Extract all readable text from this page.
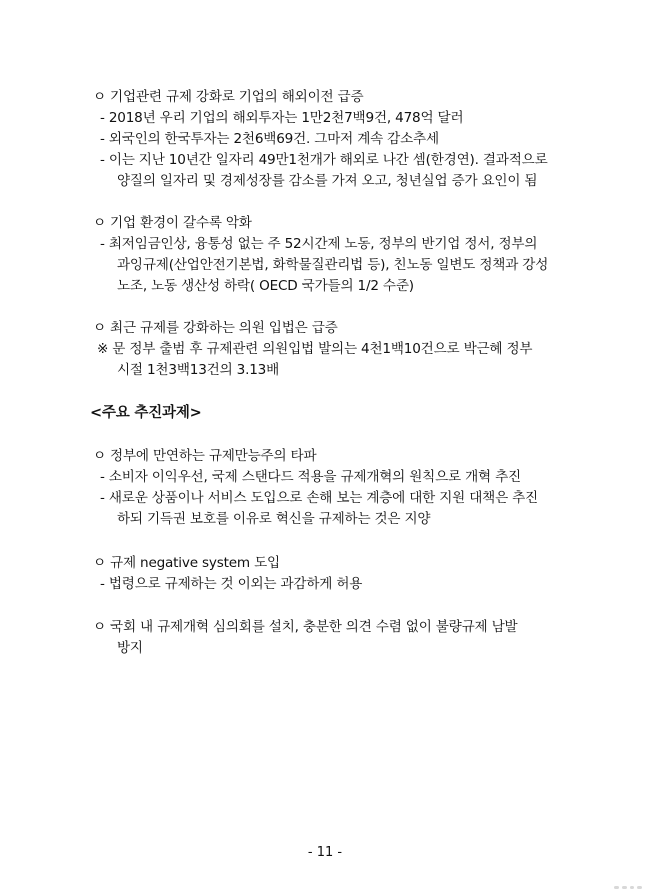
ㅇ 기업관련 규제 강화로 기업의 해외이전 급증
- 2018년 우리 기업의 해외투자는 1만2천7백9건, 478억 달러
- 외국인의 한국투자는 2천6백69건. 그마저 계속 감소추세
- 이는 지난 10년간 일자리 49만1천개가 해외로 나간 셈(한경연). 결과적으로
양질의 일자리 및 경제성장를 감소를 가져 오고, 청년실업 증가 요인이 됨
ㅇ 기업 환경이 갈수록 악화
- 최저임금인상, 융통성 없는 주 52시간제 노동, 정부의 반기업 정서, 정부의
과잉규제(산업안전기본법, 화학물질관리법 등), 친노동 일변도 정책과 강성
노조, 노동 생산성 하락( OECD 국가들의 1/2 수준)
ㅇ 최근 규제를 강화하는 의원 입법은 급증
※ 문 정부 출범 후 규제관련 의원입법 발의는 4천1백10건으로 박근혜 정부
시절 1천3백13건의 3.13배
<주요 추진과제>
ㅇ 정부에 만연하는 규제만능주의 타파
- 소비자 이익우선, 국제 스탠다드 적용을 규제개혁의 원칙으로 개혁 추진
- 새로운 상품이나 서비스 도입으로 손해 보는 계층에 대한 지원 대책은 추진
하되 기득권 보호를 이유로 혁신을 규제하는 것은 지양
ㅇ 규제 negative system 도입
- 법령으로 규제하는 것 이외는 과감하게 허용
ㅇ 국회 내 규제개혁 심의회를 설치, 충분한 의견 수렴 없이 불량규제 남발
방지
- 11 -
